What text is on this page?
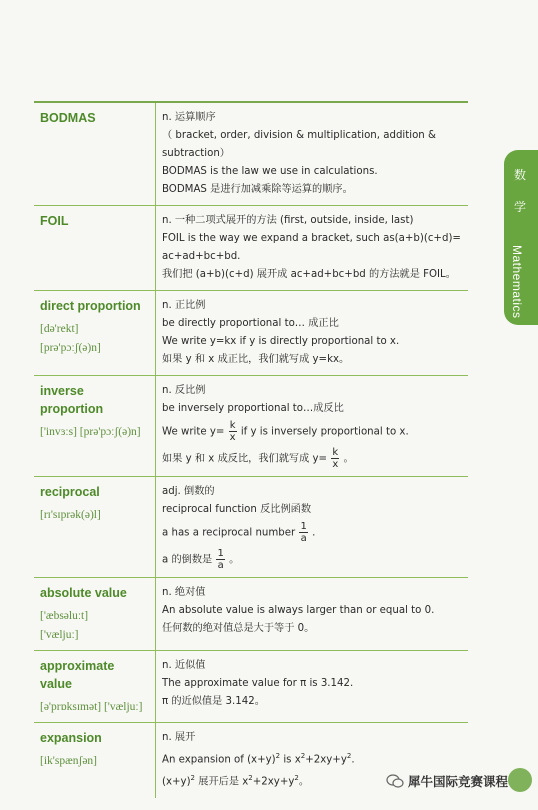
BODMAS	n. 运算顺序

（ bracket, order, division & multiplication, addition &

subtraction）

BODMAS is the law we use in calculations.

BODMAS 是进行加减乘除等运算的顺序。

FOIL	n. 一种二项式展开的方法 (first, outside, inside, last)

FOIL is the way we expand a bracket, such as(a+b)(c+d)=

ac+ad+bc+bd.

我们把 (a+b)(c+d) 展开成 ac+ad+bc+bd 的方法就是 FOIL。

direct proportion
[də'rekt]
[prə'pɔːʃ(ə)n]

n. 正比例

be directly proportional to… 成正比

We write y=kx if y is directly proportional to x.

如果 y 和 x 成正比，我们就写成 y=kx。

inverse
proportion
['invɜːs] [prə'pɔːʃ(ə)n]

n. 反比例

be inversely proportional to…成反比

We write $y= \frac{k}{x}$ if y is inversely proportional to x.

如果 y 和 x 成反比，我们就写成 $y= \frac{k}{x}$ 。

reciprocal
[rɪ'sɪprək(ə)l]

adj. 倒数的

reciprocal function 反比例函数

a has a reciprocal number $\frac{1}{a}$ .

a 的倒数是 $\frac{1}{a}$ 。

absolute value
['æbsəluːt]
['væljuː]

n. 绝对值

An absolute value is always larger than or equal to 0.

任何数的绝对值总是大于等于 0。

approximate
value
[ə'prɒksɪmət] ['væljuː]

n. 近似值

The approximate value for π is 3.142.

π 的近似值是 3.142。

expansion
[ik'spænʃən]

n. 展开

An expansion of $(x+y)^2$ is $x^2+2xy+y^2$.

$(x+y)^2$ 展开后是 $x^2+2xy+y^2$。

数
学
Mathematics
犀牛国际竞赛课程
